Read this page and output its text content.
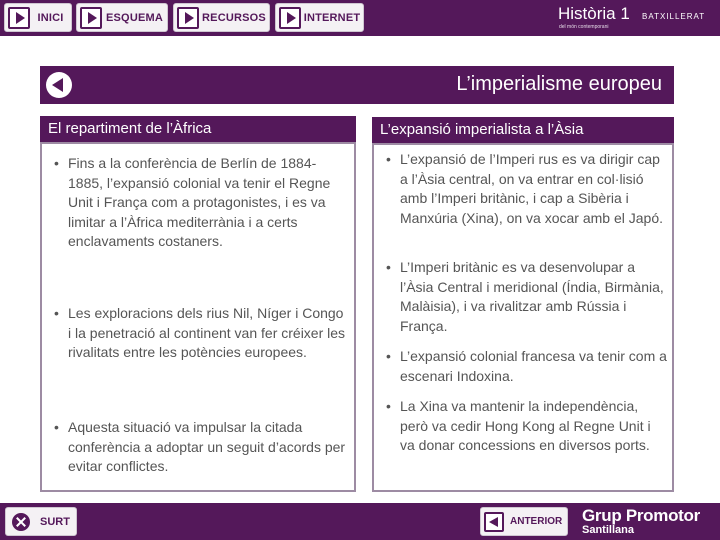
INICI	ESQUEMA	RECURSOS	INTERNET	Història 1 BATXILLERAT
del món contemporani
L’imperialisme europeu
El repartiment de l’Àfrica
• Fins a la conferència de Berlín de 1884-1885, l’expansió colonial va tenir el Regne Unit i França com a protagonistes, i es va limitar a l’Àfrica mediterrània i a certs enclavaments costaners.
• Les exploracions dels rius Nil, Níger i Congo i la penetració al continent van fer créixer les rivalitats entre les potències europees.
• Aquesta situació va impulsar la citada conferència a adoptar un seguit d’acords per evitar conflictes.
L’expansió imperialista a l’Àsia
• L’expansió de l’Imperi rus es va dirigir cap a l’Àsia central, on va entrar en col·lisió amb l’Imperi britànic, i cap a Sibèria i Manxúria (Xina), on va xocar amb el Japó.
• L’Imperi britànic es va desenvolupar a l’Àsia Central i meridional (Índia, Birmània, Malàisia), i va rivalitzar amb Rússia i França.
• L’expansió colonial francesa va tenir com a escenari Indoxina.
• La Xina va mantenir la independència, però va cedir Hong Kong al Regne Unit i va donar concessions en diversos ports.
SURT	ANTERIOR Grup Promotor
Santillana
